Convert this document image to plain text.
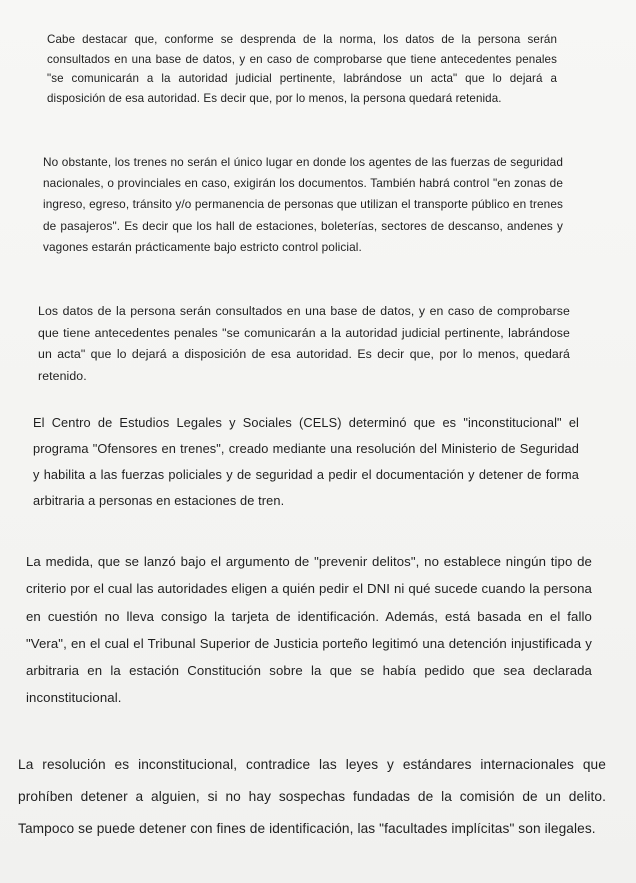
Cabe destacar que, conforme se desprenda de la norma, los datos de la persona serán consultados en una base de datos, y en caso de comprobarse que tiene antecedentes penales "se comunicarán a la autoridad judicial pertinente, labrándose un acta" que lo dejará a disposición de esa autoridad. Es decir que, por lo menos, la persona quedará retenida.

No obstante, los trenes no serán el único lugar en donde los agentes de las fuerzas de seguridad nacionales, o provinciales en caso, exigirán los documentos. También habrá control "en zonas de ingreso, egreso, tránsito y/o permanencia de personas que utilizan el transporte público en trenes de pasajeros". Es decir que los hall de estaciones, boleterías, sectores de descanso, andenes y vagones estarán prácticamente bajo estricto control policial.

Los datos de la persona serán consultados en una base de datos, y en caso de comprobarse que tiene antecedentes penales "se comunicarán a la autoridad judicial pertinente, labrándose un acta" que lo dejará a disposición de esa autoridad. Es decir que, por lo menos, quedará retenido.

El Centro de Estudios Legales y Sociales (CELS) determinó que es "inconstitucional" el programa "Ofensores en trenes", creado mediante una resolución del Ministerio de Seguridad y habilita a las fuerzas policiales y de seguridad a pedir el documentación y detener de forma arbitraria a personas en estaciones de tren.

La medida, que se lanzó bajo el argumento de "prevenir delitos", no establece ningún tipo de criterio por el cual las autoridades eligen a quién pedir el DNI ni qué sucede cuando la persona en cuestión no lleva consigo la tarjeta de identificación. Además, está basada en el fallo "Vera", en el cual el Tribunal Superior de Justicia porteño legitimó una detención injustificada y arbitraria en la estación Constitución sobre la que se había pedido que sea declarada inconstitucional.

La resolución es inconstitucional, contradice las leyes y estándares internacionales que prohíben detener a alguien, si no hay sospechas fundadas de la comisión de un delito. Tampoco se puede detener con fines de identificación, las "facultades implícitas" son ilegales.
